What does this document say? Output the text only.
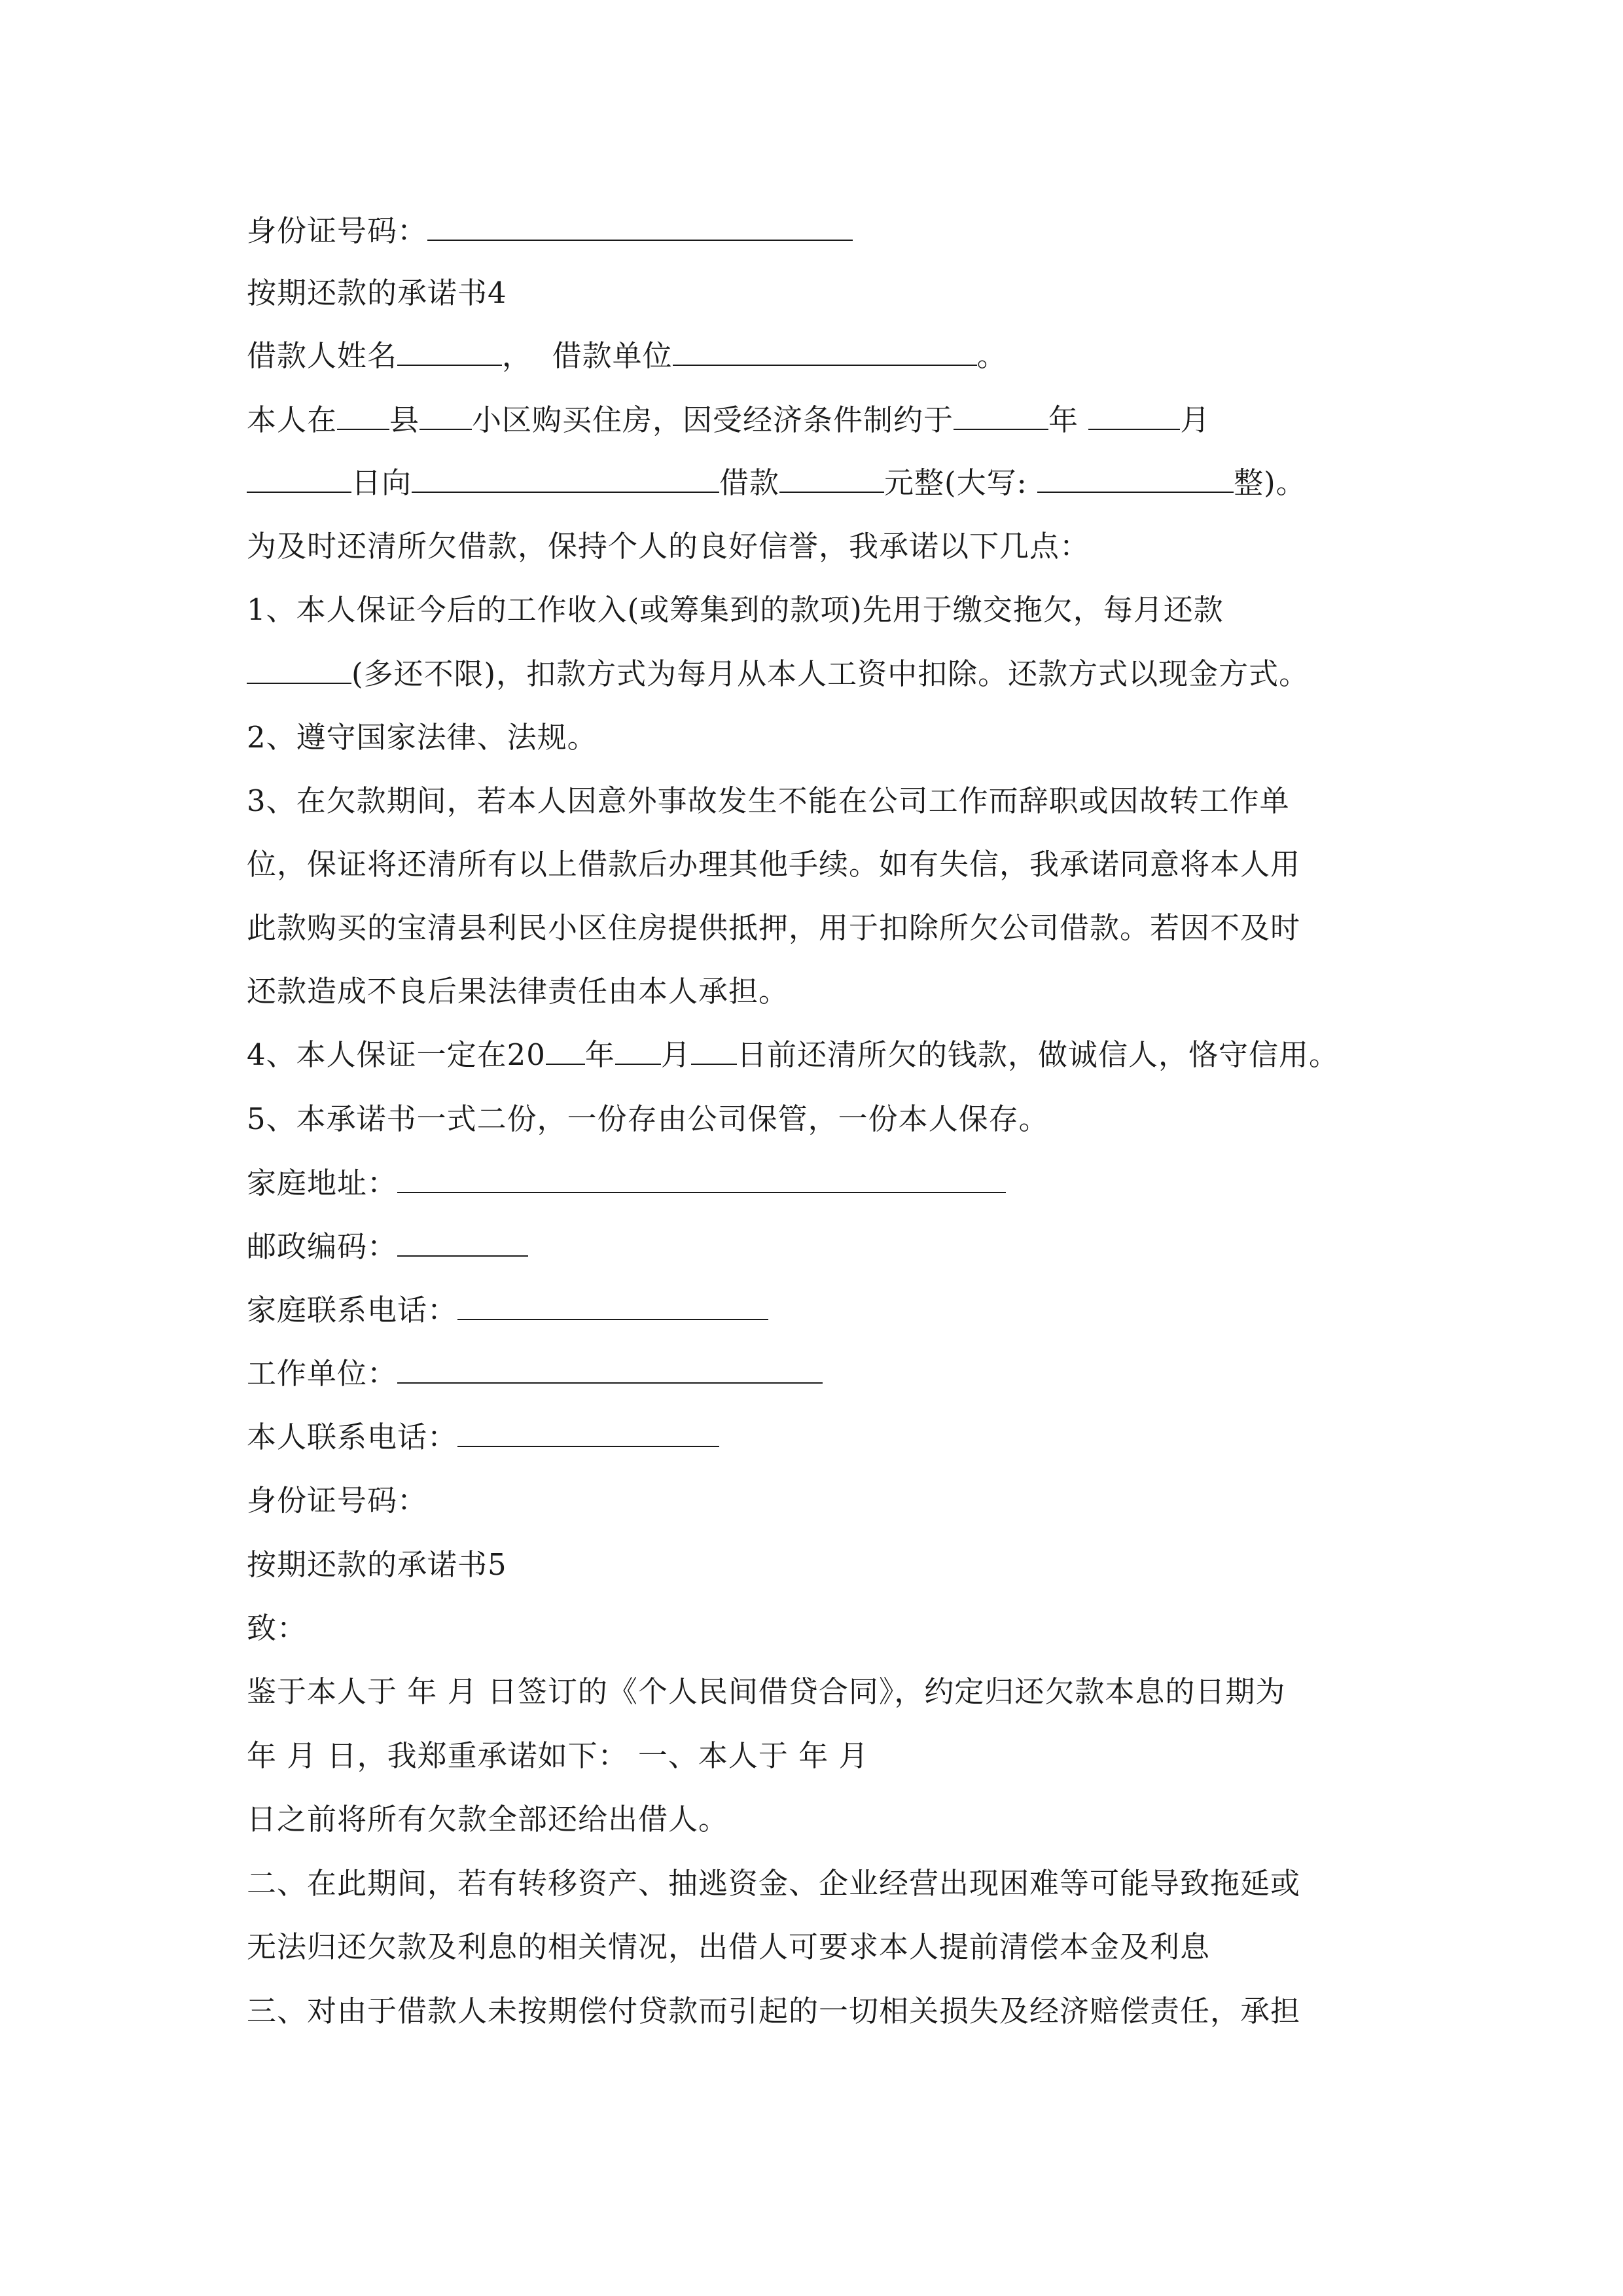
身份证号码：
按期还款的承诺书4
借款人姓名	，  借款单位	。
本人在 县 小区购买住房，因受经济条件制约于	年	月
日向	借款	元整(大写:	整)。
为及时还清所欠借款，保持个人的良好信誉，我承诺以下几点：
1、本人保证今后的工作收入(或筹集到的款项)先用于缴交拖欠，每月还款
(多还不限)，扣款方式为每月从本人工资中扣除。还款方式以现金方式。
2、遵守国家法律、法规。
3、在欠款期间，若本人因意外事故发生不能在公司工作而辞职或因故转工作单
位，保证将还清所有以上借款后办理其他手续。如有失信，我承诺同意将本人用
此款购买的宝清县利民小区住房提供抵押，用于扣除所欠公司借款。若因不及时
还款造成不良后果法律责任由本人承担。
4、本人保证一定在20 年 月 日前还清所欠的钱款，做诚信人，恪守信用。
5、本承诺书一式二份，一份存由公司保管，一份本人保存。
家庭地址：
邮政编码：
家庭联系电话：
工作单位：
本人联系电话：
身份证号码：
按期还款的承诺书5
致：
鉴于本人于 年 月 日签订的《个人民间借贷合同》，约定归还欠款本息的日期为
年 月 日，我郑重承诺如下： 一、本人于 年 月
日之前将所有欠款全部还给出借人。
二、在此期间，若有转移资产、抽逃资金、企业经营出现困难等可能导致拖延或
无法归还欠款及利息的相关情况，出借人可要求本人提前清偿本金及利息
三、对由于借款人未按期偿付贷款而引起的一切相关损失及经济赔偿责任，承担
